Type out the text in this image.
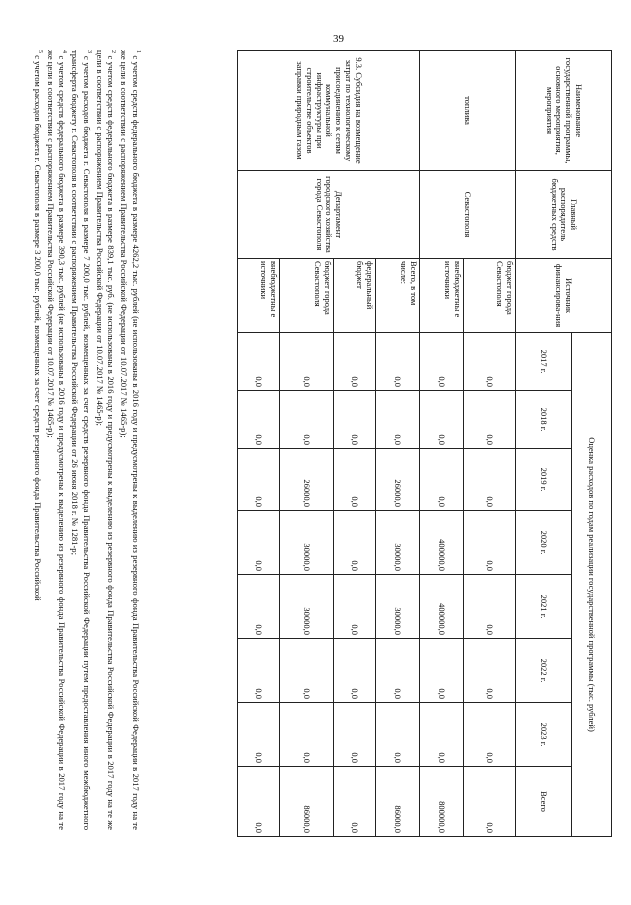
39
Наименование государственной программы, основного мероприятия, мероприятия	Главный распорядитель бюджетных средств	Источник финансирова-ния	Оценка расходов по годам реализации государственной программы (тыс. рублей)							
			2017 г.	2018 г.	2019 г.	2020 г.	2021 г.	2022 г.	2023 г.	Всего
топлива	Севастополя	бюджет города Севастополя	0,0	0,0	0,0	0,0	0,0	0,0	0,0	0,0
		внебюджетны е источники	0,0	0,0	0,0	400000,0	400000,0	0,0	0,0	800000,0
9.3. Субсидия на возмещение затрат по технологическому присоединению к сетям коммунальной инфраструктуры при строительстве объектов заправки природным газом	Департамент городского хозяйства города Севастополя	Всего, в том числе:	0,0	0,0	26000,0	30000,0	30000,0	0,0	0,0	86000,0
		федеральный бюджет	0,0	0,0	0,0	0,0	0,0	0,0	0,0	0,0
		бюджет города Севастополя	0,0	0,0	26000,0	30000,0	30000,0	0,0	0,0	86000,0
		внебюджетны е источники	0,0	0,0	0,0	0,0	0,0	0,0	0,0	0,0

$^1$ с учетом средств федерального бюджета в размере 4262,2 тыс. рублей (не использованы в 2016 году и предусмотрены к выделению из резервного фонда Правительства Российской Федерации в 2017 году на те же цели в соответствии с распоряжением Правительства Российской Федерации от 10.07.2017 № 1465-р);

$^2$ с учетом средств федерального бюджета в размере 839,1 тыс. руб. (не использованы в 2016 году и предусмотрены к выделению из резервного фонда Правительства Российской Федерации в 2017 году на те же цели в соответствии с распоряжением Правительства Российской Федерации от 10.07.2017 № 1465-р);

$^3$ с учетом расходов бюджета г. Севастополя в размере 7 200,0 тыс. рублей, возмещенных за счет средств резервного фонда Правительства Российской Федерации путем предоставления иного межбюджетного трансферта бюджету г. Севастополя в соответствии с распоряжением Правительства Российской Федерации от 26 июня 2018 г. № 1281-р;

$^4$ с учетом средств федерального бюджета в размере 390,3 тыс. рублей (не использованы в 2016 году и предусмотрены к выделению из резервного фонда Правительства Российской Федерации в 2017 году на те же цели в соответствии с распоряжением Правительства Российской Федерации от 10.07.2017 № 1465-р);

$^5$ с учетом расходов бюджета г. Севастополя в размере 3 200,0 тыс. рублей, возмещенных за счет средств резервного фонда Правительства Российской
